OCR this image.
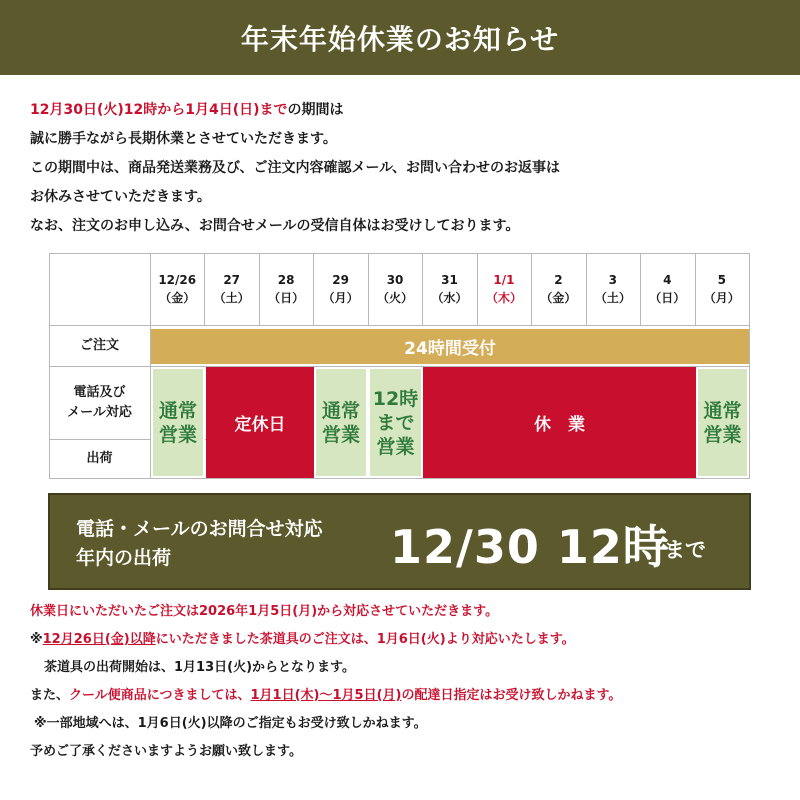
年末年始休業のお知らせ

12月30日(火)12時から1月4日(日)までの期間は

誠に勝手ながら長期休業とさせていただきます。

この期間中は、商品発送業務及び、ご注文内容確認メール、お問い合わせのお返事は

お休みさせていただきます。

なお、注文のお申し込み、お問合せメールの受信自体はお受けしております。

12/26
（金）
27
（土）
28
（日）
29
（月）
30
（火）
31
（水）
1/1
（木）
2
（金）
3
（土）
4
（日）
5
（月）
ご注文
電話及び
メール対応
出荷
24時間受付
通常
営業	定休日
通常
営業
12時
まで
営業
休　業
通常
営業
電話・メールのお問合せ対応
年内の出荷	12/30 12時
まで

休業日にいただいたご注文は2026年1月5日(月)から対応させていただきます。

※12月26日(金)以降にいただきました茶道具のご注文は、1月6日(火)より対応いたします。

茶道具の出荷開始は、1月13日(火)からとなります。

また、クール便商品につきましては、1月1日(木)～1月5日(月)の配達日指定はお受け致しかねます。

※一部地域へは、1月6日(火)以降のご指定もお受け致しかねます。

予めご了承くださいますようお願い致します。
